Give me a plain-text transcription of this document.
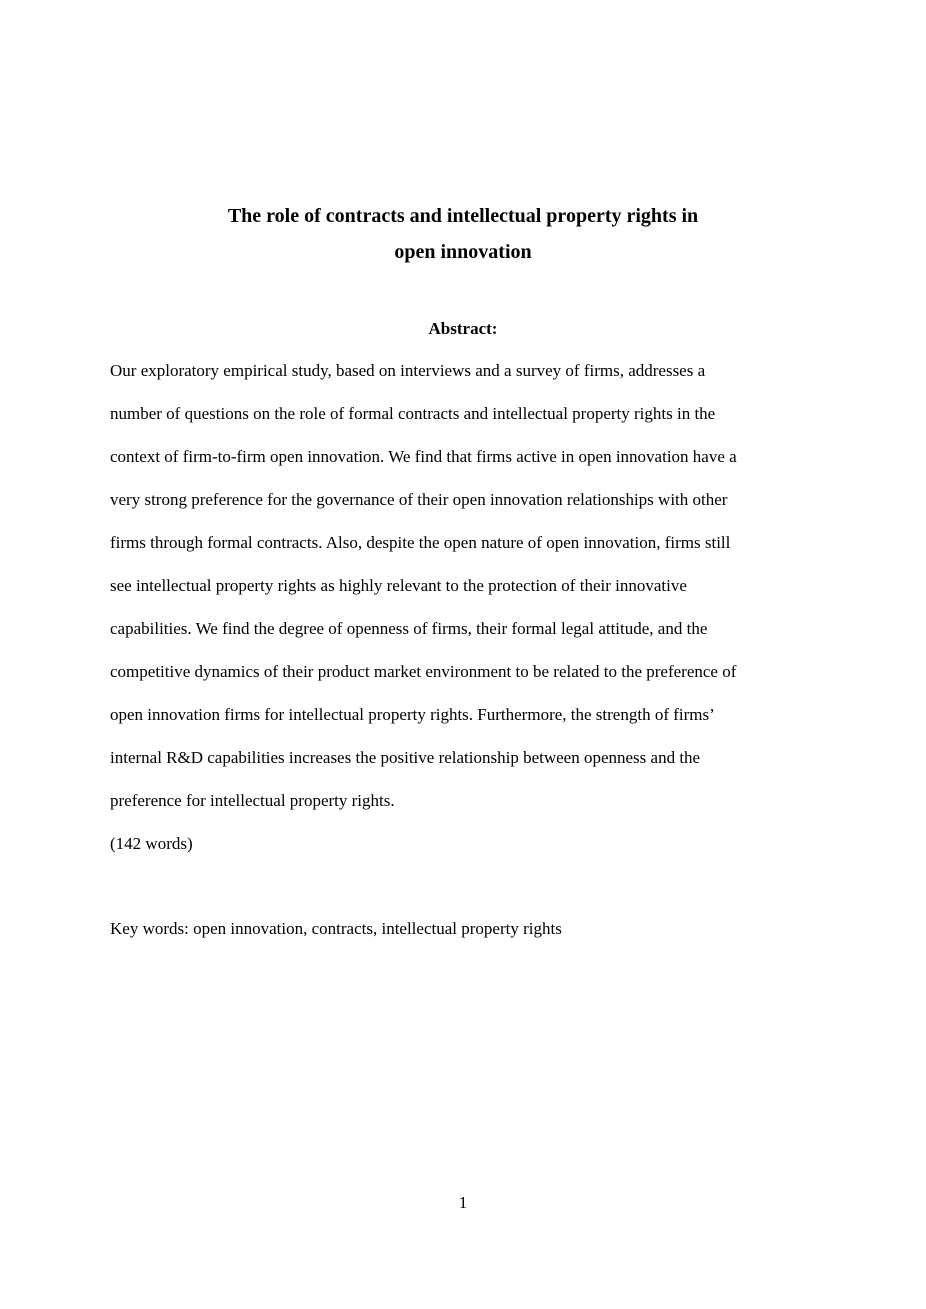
The role of contracts and intellectual property rights in
open innovation
Abstract:
Our exploratory empirical study, based on interviews and a survey of firms, addresses a
number of questions on the role of formal contracts and intellectual property rights in the
context of firm-to-firm open innovation. We find that firms active in open innovation have a
very strong preference for the governance of their open innovation relationships with other
firms through formal contracts. Also, despite the open nature of open innovation, firms still
see intellectual property rights as highly relevant to the protection of their innovative
capabilities. We find the degree of openness of firms, their formal legal attitude, and the
competitive dynamics of their product market environment to be related to the preference of
open innovation firms for intellectual property rights. Furthermore, the strength of firms’
internal R&D capabilities increases the positive relationship between openness and the
preference for intellectual property rights.
(142 words)
Key words: open innovation, contracts, intellectual property rights
1
